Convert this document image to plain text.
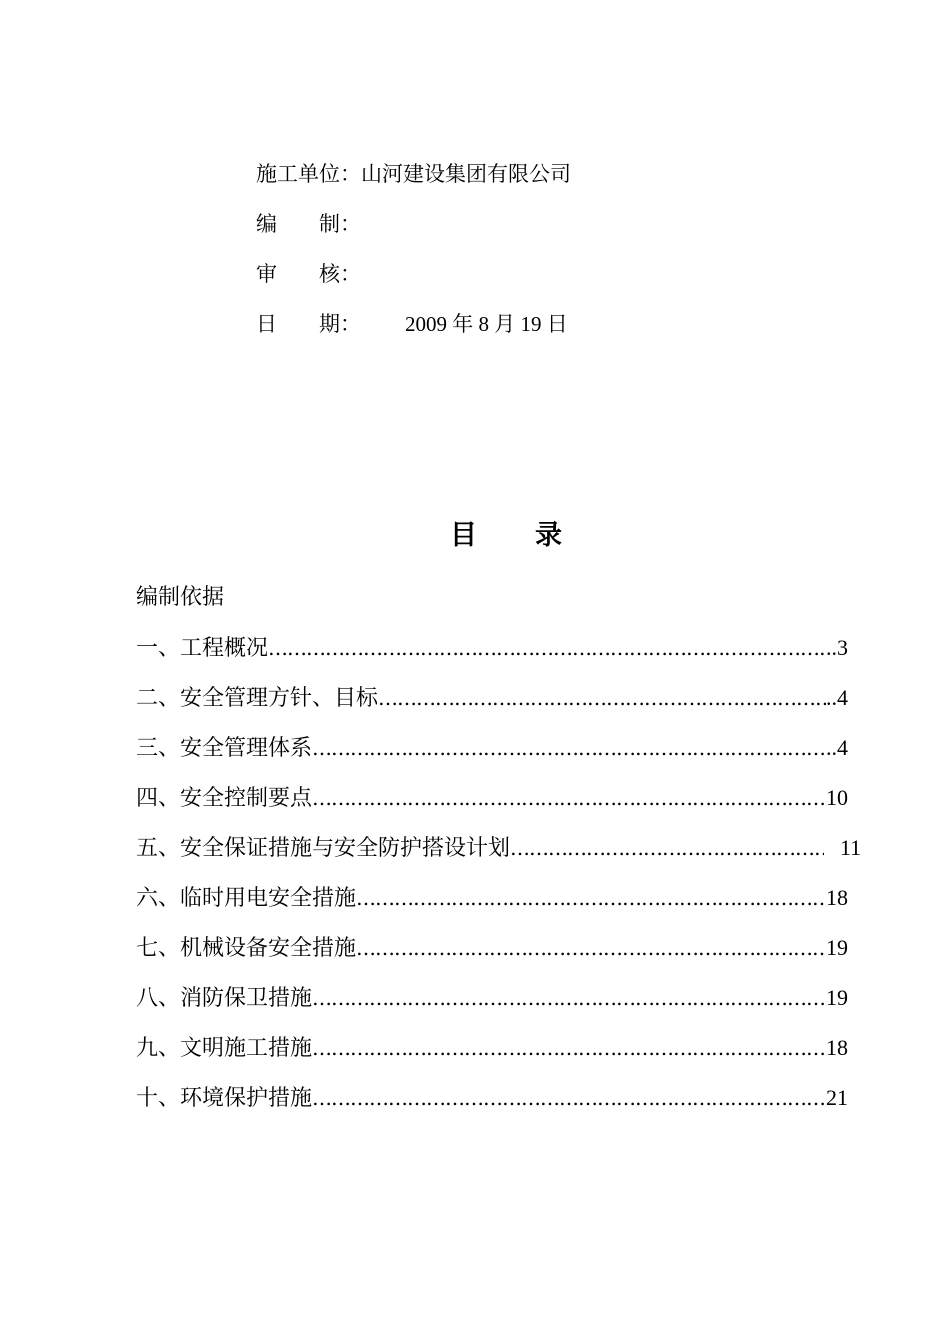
施工单位：山河建设集团有限公司
编　　制：
审　　核：
日　　期： 2009 年 8 月 19 日
目 录
编制依据
一、工程概况 …………………………………………………………………………………………………………………………………………	..3
二、安全管理方针、目标 …………………………………………………………………………………………………………………………………………	..4
三、安全管理体系 …………………………………………………………………………………………………………………………………………	..4
四、安全控制要点 …………………………………………………………………………………………………………………………………………	10
五、安全保证措施与安全防护搭设计划 …………………………………………………………………………………………………………………………………………	11
六、临时用电安全措施 …………………………………………………………………………………………………………………………………………	18
七、机械设备安全措施 …………………………………………………………………………………………………………………………………………	19
八、消防保卫措施 …………………………………………………………………………………………………………………………………………	19
九、文明施工措施 …………………………………………………………………………………………………………………………………………	18
十、环境保护措施 …………………………………………………………………………………………………………………………………………	21
